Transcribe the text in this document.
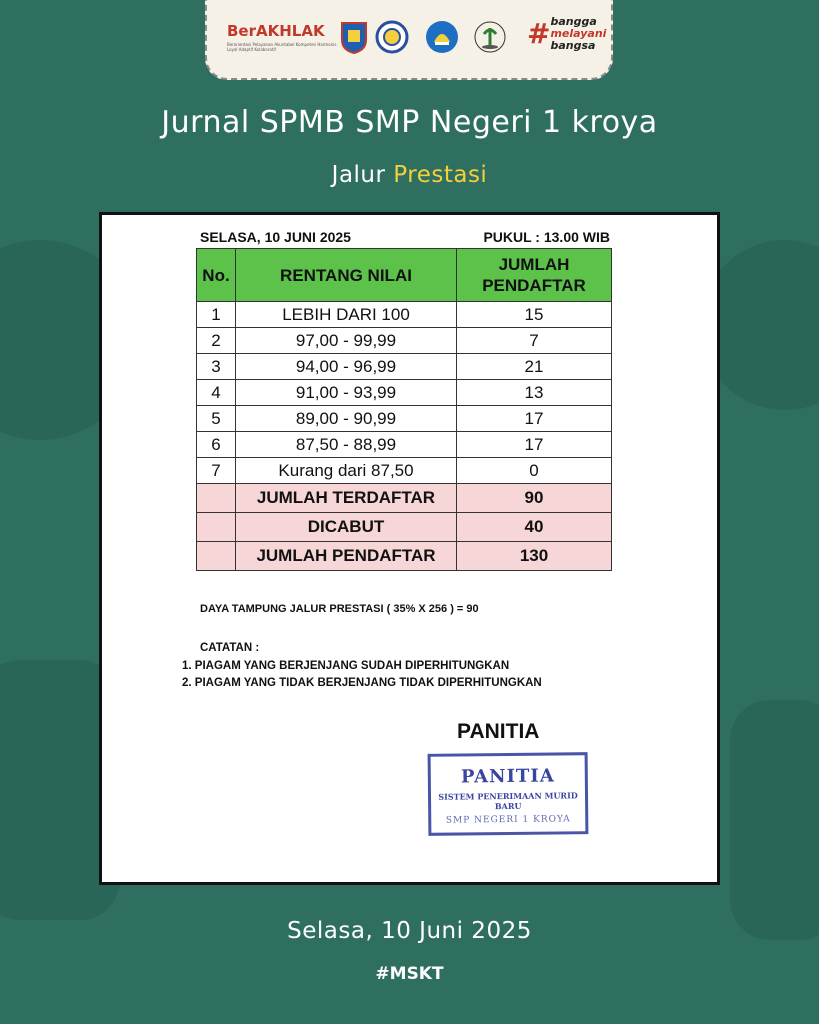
BerAKHLAK
Berorientasi Pelayanan Akuntabel Kompeten Harmonis Loyal Adaptif Kolaboratif	# bangga
melayani
bangsa
Jurnal SPMB SMP Negeri 1 kroya
Jalur Prestasi
SELASA, 10 JUNI 2025	PUKUL : 13.00 WIB
No.	RENTANG NILAI	JUMLAH
PENDAFTAR

1	LEBIH DARI 100	15
2	97,00 - 99,99	7
3	94,00 - 96,99	21
4	91,00 - 93,99	13
5	89,00 - 90,99	17
6	87,50 - 88,99	17
7	Kurang dari 87,50	0
	JUMLAH TERDAFTAR	90
	DICABUT	40
	JUMLAH PENDAFTAR	130
DAYA TAMPUNG JALUR PRESTASI ( 35% X 256 ) = 90
CATATAN :
1. PIAGAM YANG BERJENJANG SUDAH DIPERHITUNGKAN
2. PIAGAM YANG TIDAK BERJENJANG TIDAK DIPERHITUNGKAN
PANITIA
PANITIA
SISTEM PENERIMAAN MURID BARU
SMP NEGERI 1 KROYA
Selasa, 10 Juni 2025
#MSKT
